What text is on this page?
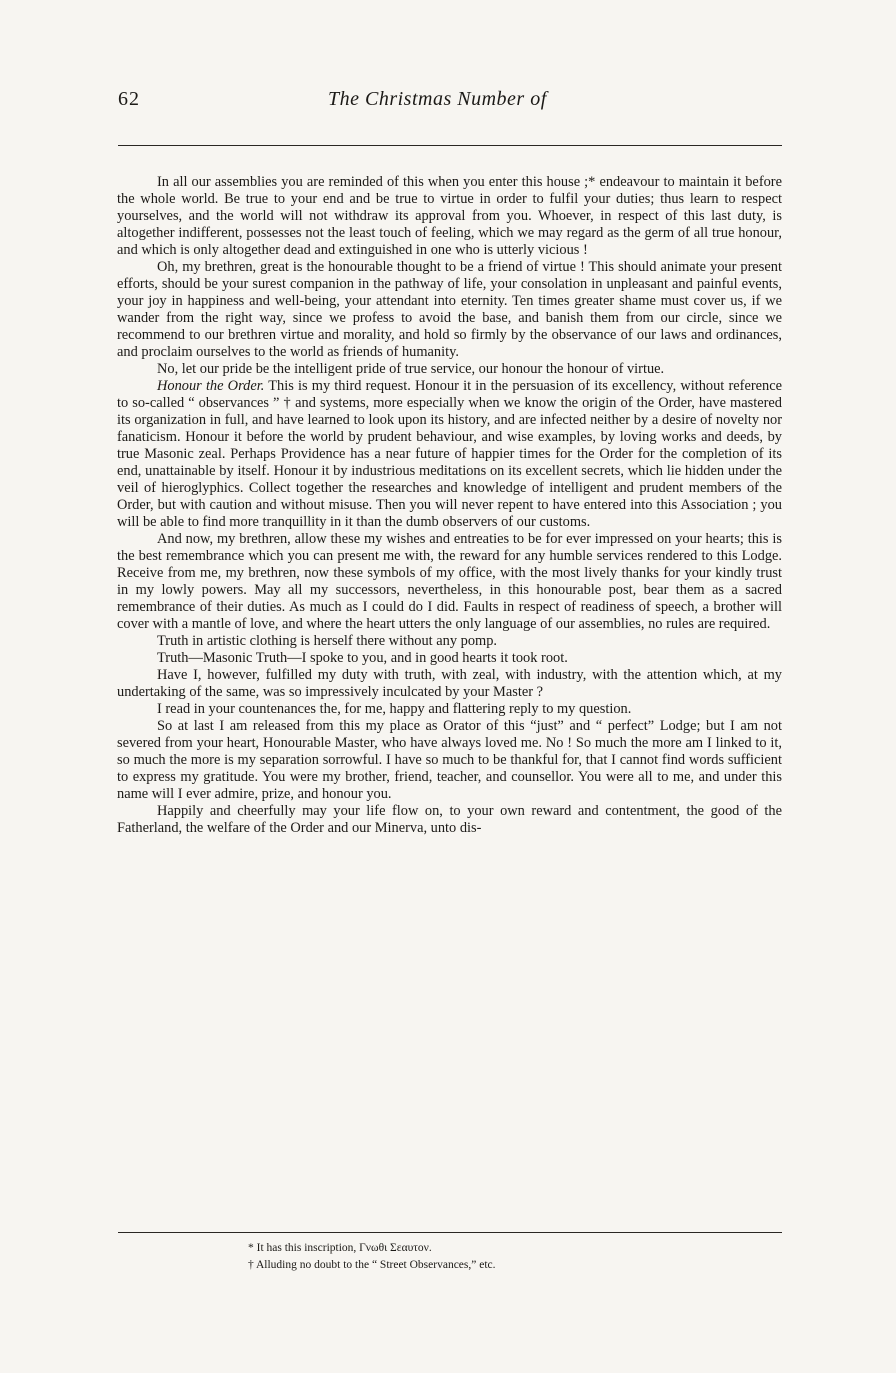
62	The Christmas Number of

In all our assemblies you are reminded of this when you enter this house ;* endeavour to maintain it before the whole world. Be true to your end and be true to virtue in order to fulfil your duties; thus learn to respect yourselves, and the world will not withdraw its approval from you. Whoever, in respect of this last duty, is altogether indifferent, possesses not the least touch of feeling, which we may regard as the germ of all true honour, and which is only altogether dead and extinguished in one who is utterly vicious !

Oh, my brethren, great is the honourable thought to be a friend of virtue ! This should animate your present efforts, should be your surest companion in the pathway of life, your consolation in unpleasant and painful events, your joy in happiness and well-being, your attendant into eternity. Ten times greater shame must cover us, if we wander from the right way, since we profess to avoid the base, and banish them from our circle, since we recommend to our brethren virtue and morality, and hold so firmly by the observance of our laws and ordinances, and proclaim ourselves to the world as friends of humanity.

No, let our pride be the intelligent pride of true service, our honour the honour of virtue.

Honour the Order. This is my third request. Honour it in the persuasion of its excellency, without reference to so-called “ observances ” † and systems, more especially when we know the origin of the Order, have mastered its organization in full, and have learned to look upon its history, and are infected neither by a desire of novelty nor fanaticism. Honour it before the world by prudent behaviour, and wise examples, by loving works and deeds, by true Masonic zeal. Perhaps Providence has a near future of happier times for the Order for the completion of its end, unattainable by itself. Honour it by industrious meditations on its excellent secrets, which lie hidden under the veil of hieroglyphics. Collect together the researches and knowledge of intelligent and prudent members of the Order, but with caution and without misuse. Then you will never repent to have entered into this Association ; you will be able to find more tranquillity in it than the dumb observers of our customs.

And now, my brethren, allow these my wishes and entreaties to be for ever impressed on your hearts; this is the best remembrance which you can present me with, the reward for any humble services rendered to this Lodge. Receive from me, my brethren, now these symbols of my office, with the most lively thanks for your kindly trust in my lowly powers. May all my successors, nevertheless, in this honourable post, bear them as a sacred remembrance of their duties. As much as I could do I did. Faults in respect of readiness of speech, a brother will cover with a mantle of love, and where the heart utters the only language of our assemblies, no rules are required.

Truth in artistic clothing is herself there without any pomp.

Truth—Masonic Truth—I spoke to you, and in good hearts it took root.

Have I, however, fulfilled my duty with truth, with zeal, with industry, with the attention which, at my undertaking of the same, was so impressively inculcated by your Master ?

I read in your countenances the, for me, happy and flattering reply to my question.

So at last I am released from this my place as Orator of this “just” and “ perfect” Lodge; but I am not severed from your heart, Honourable Master, who have always loved me. No ! So much the more am I linked to it, so much the more is my separation sorrowful. I have so much to be thankful for, that I cannot find words sufficient to express my gratitude. You were my brother, friend, teacher, and counsellor. You were all to me, and under this name will I ever admire, prize, and honour you.

Happily and cheerfully may your life flow on, to your own reward and contentment, the good of the Fatherland, the welfare of the Order and our Minerva, unto dis-

* It has this inscription, Γνωθι Σεαυτον.
† Alluding no doubt to the “ Street Observances,” etc.
